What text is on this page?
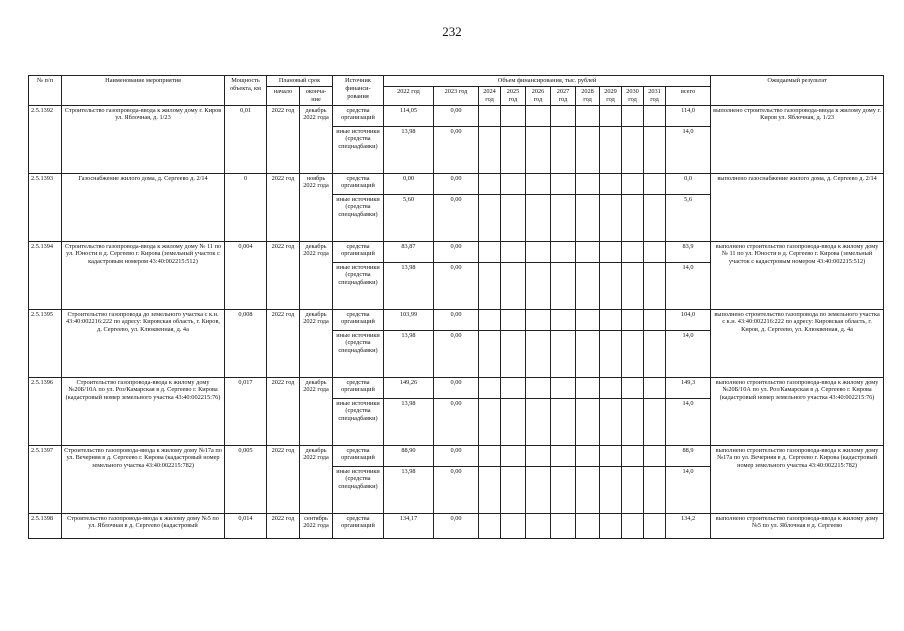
232
№ п/п	Наименование мероприятия	Мощность объекта, км	Плановый срок		Источник финанси-рования	Объем финансирования, тыс. рублей											Ожидаемый результат
			начало	оконча-ние		2022 год	2023 год	2024 год	2025 год	2026 год	2027 год	2028 год	2029 год	2030 год	2031 год	всего	
2.5.1392	Строительство газопровода-ввода к жилому дому г. Киров ул. Яблочная, д. 1/23	0,01	2022 год	декабрь 2022 года	средства организаций	114,05	0,00									114,0	выполнено строительство газопровода-ввода к жилому дому г. Киров ул. Яблочная, д. 1/23
					иные источники (средства спецнадбавки)	13,98	0,00									14,0	
2.5.1393	Газоснабжение жилого дома, д. Сергеево д. 2/14	0	2022 год	ноябрь 2022 года	средства организаций	0,00	0,00									0,0	выполнено газоснабжение жилого дома, д. Сергеево д. 2/14
					иные источники (средства спецнадбавки)	5,60	0,00									5,6	
2.5.1394	Строительство газопровода-ввода к жилому дому № 11 по ул. Юности в д. Сергеево г. Кирова (земельный участок с кадастровым номером 43:40:002215:512)	0,004	2022 год	декабрь 2022 года	средства организаций	83,87	0,00									83,9	выполнено строительство газопровода-ввода к жилому дому № 11 по ул. Юности в д. Сергеево г. Кирова (земельный участок с кадастровым номером 43:40:002215:512)
					иные источники (средства спецнадбавки)	13,98	0,00									14,0	
2.5.1395	Строительство газопровода до земельного участка с к.н. 43:40:002216:222 по адресу: Кировская область, г. Киров, д. Сергеево, ул. Клюквенная, д. 4а	0,008	2022 год	декабрь 2022 года	средства организаций	103,99	0,00									104,0	выполнено строительство газопровода по земельного участка с к.н. 43:40:002216:222 по адресу: Кировская область, г. Киров, д. Сергеево, ул. Клюквенная, д. 4а
					иные источники (средства спецнадбавки)	13,98	0,00									14,0	
2.5.1396	Строительство газопровода-ввода к жилому дому №20Б/10А по ул. Роз/Камарская в д. Сергеево г. Кирова (кадастровый номер земельного участка 43:40:002215:76)	0,017	2022 год	декабрь 2022 года	средства организаций	149,26	0,00									149,3	выполнено строительство газопровода-ввода к жилому дому №20Б/10А по ул. Роз/Камарская в д. Сергеево г. Кирова (кадастровый номер земельного участка 43:40:002215:76)
					иные источники (средства спецнадбавки)	13,98	0,00									14,0	
2.5.1397	Строительство газопровода-ввода к жилому дому №17а по ул. Вечерняя в д. Сергеево г. Кирова (кадастровый номер земельного участка 43:40:002215:782)	0,005	2022 год	декабрь 2022 года	средства организаций	88,90	0,00									88,9	выполнено строительство газопровода-ввода к жилому дому №17а по ул. Вечерняя в д. Сергеево г. Кирова (кадастровый номер земельного участка 43:40:002215:782)
					иные источники (средства спецнадбавки)	13,98	0,00									14,0	
2.5.1398	Строительство газопровода-ввода к жилому дому №5 по ул. Яблочная в д. Сергеево (кадастровый	0,014	2022 год	сентябрь 2022 года	средства организаций	134,17	0,00									134,2	выполнено строительство газопровода-ввода к жилому дому №5 по ул. Яблочная в д. Сергеево
